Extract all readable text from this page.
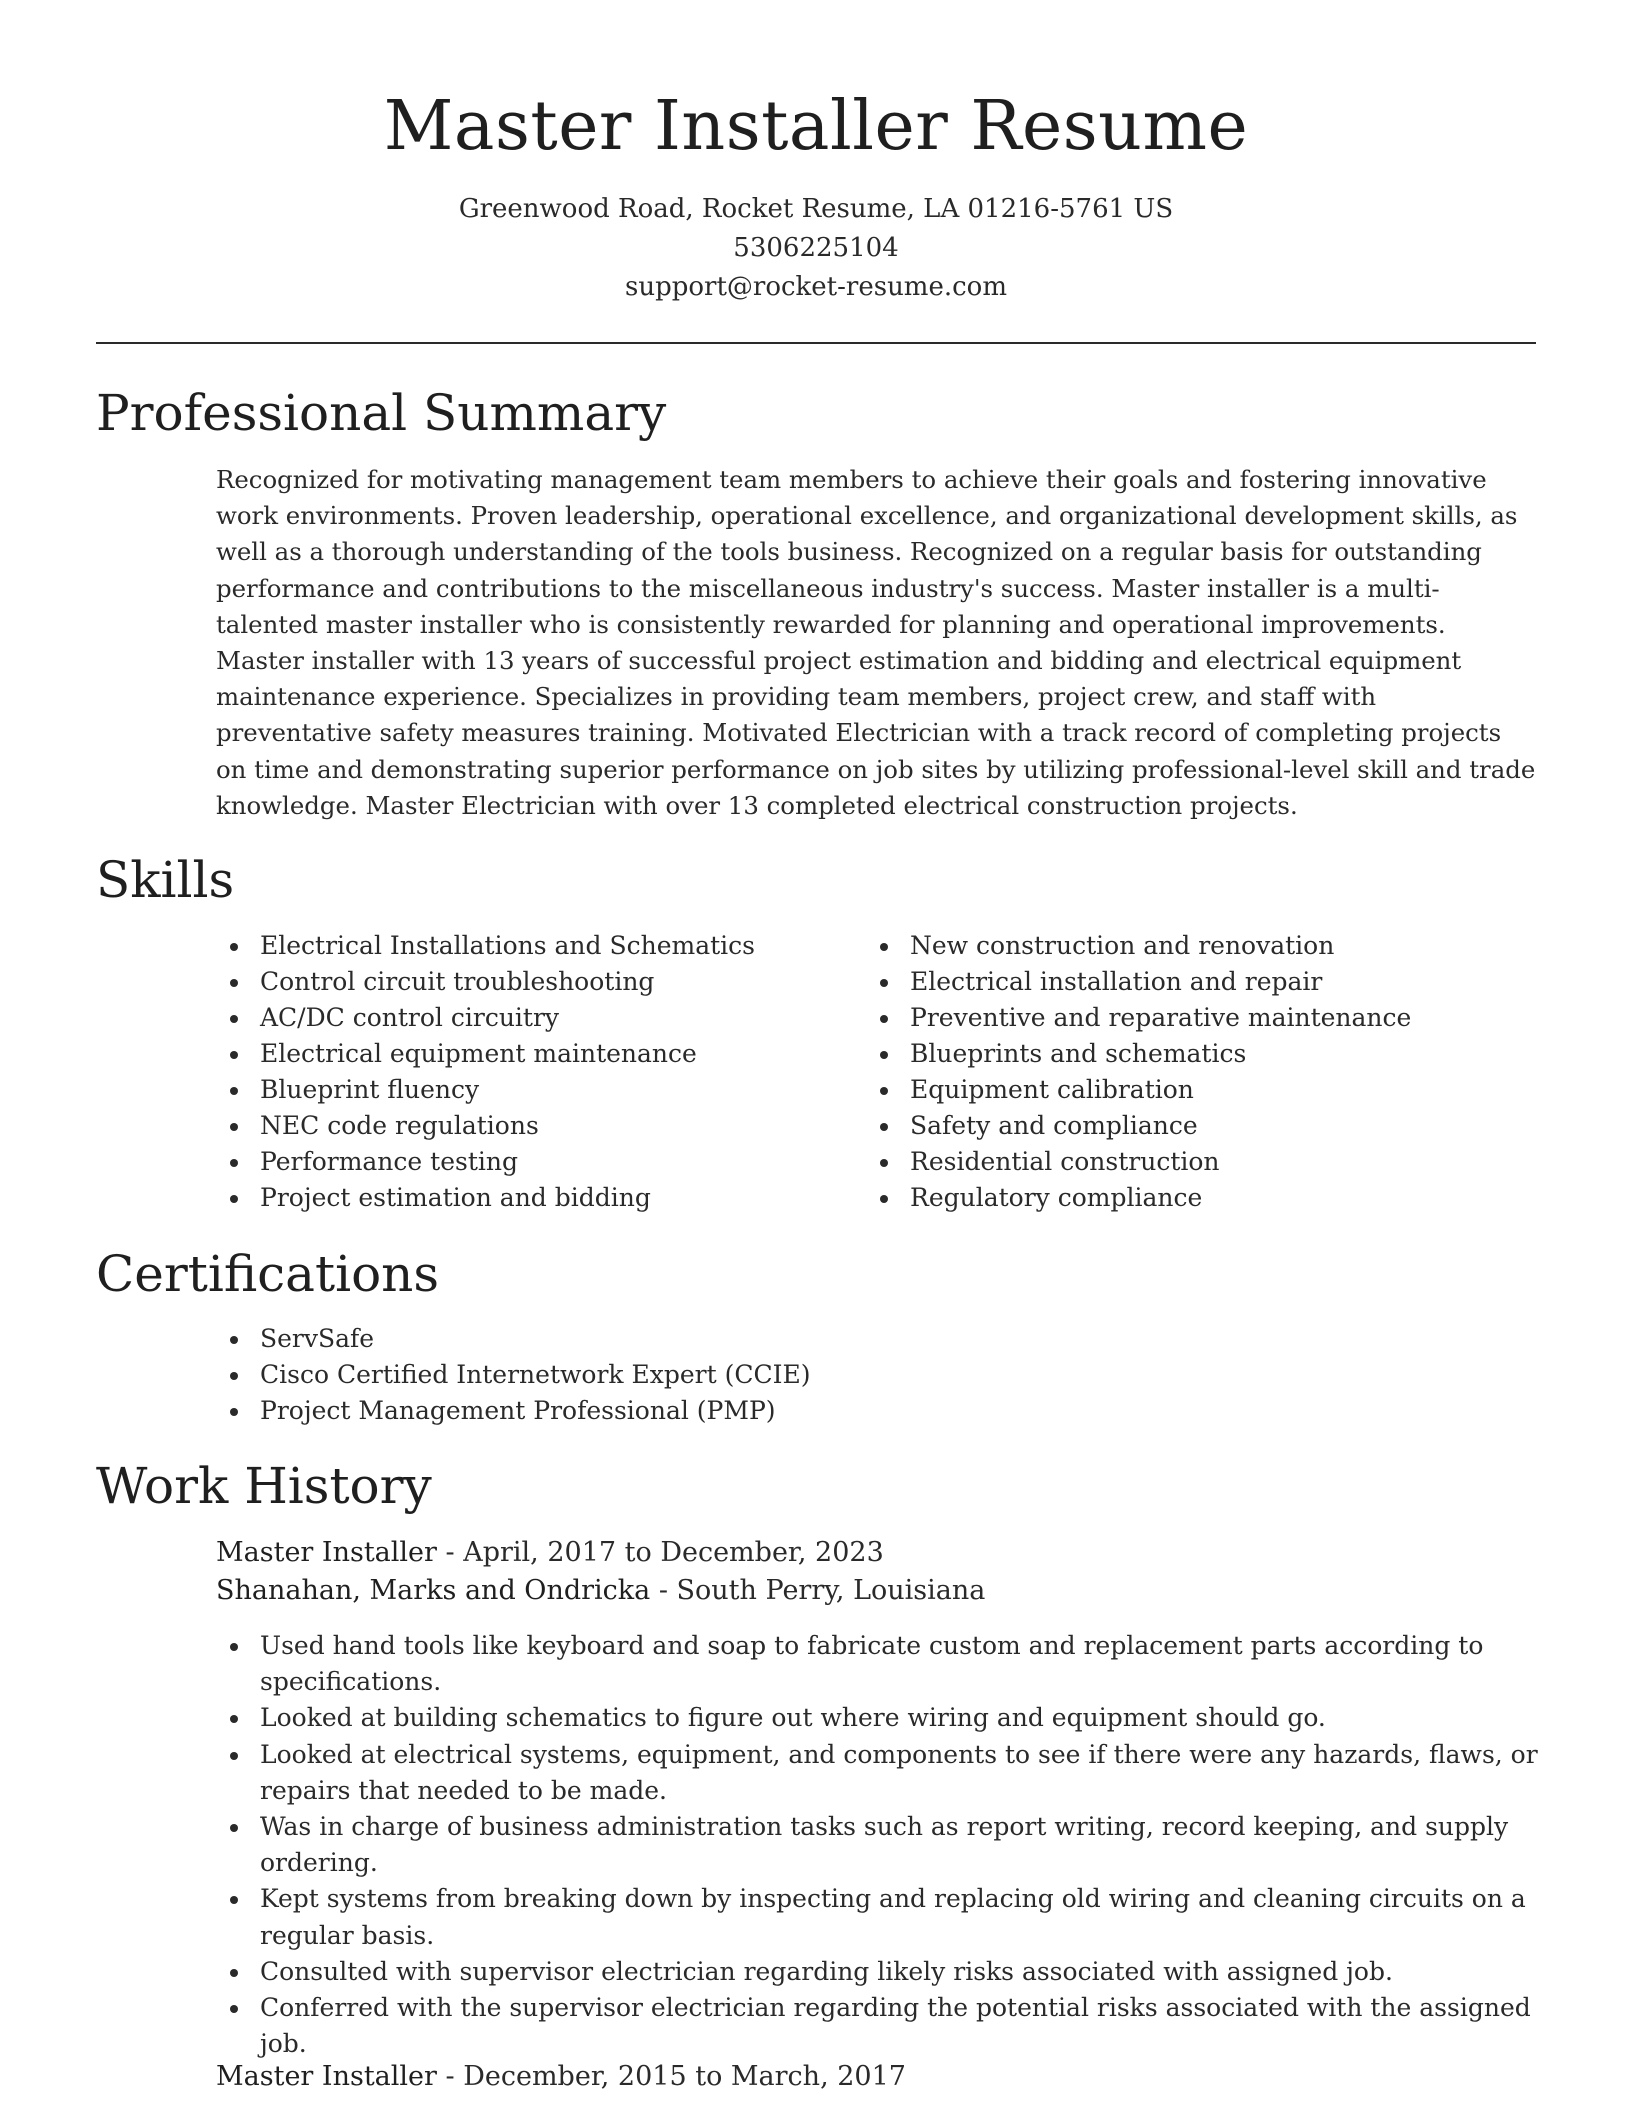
Master Installer Resume
Greenwood Road, Rocket Resume, LA 01216-5761 US
5306225104
support@rocket-resume.com
Professional Summary

Recognized for motivating management team members to achieve their goals and fostering innovative work environments. Proven leadership, operational excellence, and organizational development skills, as well as a thorough understanding of the tools business. Recognized on a regular basis for outstanding performance and contributions to the miscellaneous industry's success. Master installer is a multi-talented master installer who is consistently rewarded for planning and operational improvements. Master installer with 13 years of successful project estimation and bidding and electrical equipment maintenance experience. Specializes in providing team members, project crew, and staff with preventative safety measures training. Motivated Electrician with a track record of completing projects on time and demonstrating superior performance on job sites by utilizing professional-level skill and trade knowledge. Master Electrician with over 13 completed electrical construction projects.

Skills
Electrical Installations and Schematics
Control circuit troubleshooting
AC/DC control circuitry
Electrical equipment maintenance
Blueprint fluency
NEC code regulations
Performance testing
Project estimation and bidding
New construction and renovation
Electrical installation and repair
Preventive and reparative maintenance
Blueprints and schematics
Equipment calibration
Safety and compliance
Residential construction
Regulatory compliance
Certifications
ServSafe
Cisco Certified Internetwork Expert (CCIE)
Project Management Professional (PMP)
Work History
Master Installer - April, 2017 to December, 2023
Shanahan, Marks and Ondricka - South Perry, Louisiana
Used hand tools like keyboard and soap to fabricate custom and replacement parts according to specifications.
Looked at building schematics to figure out where wiring and equipment should go.
Looked at electrical systems, equipment, and components to see if there were any hazards, flaws, or repairs that needed to be made.
Was in charge of business administration tasks such as report writing, record keeping, and supply ordering.
Kept systems from breaking down by inspecting and replacing old wiring and cleaning circuits on a regular basis.
Consulted with supervisor electrician regarding likely risks associated with assigned job.
Conferred with the supervisor electrician regarding the potential risks associated with the assigned job.
Master Installer - December, 2015 to March, 2017
